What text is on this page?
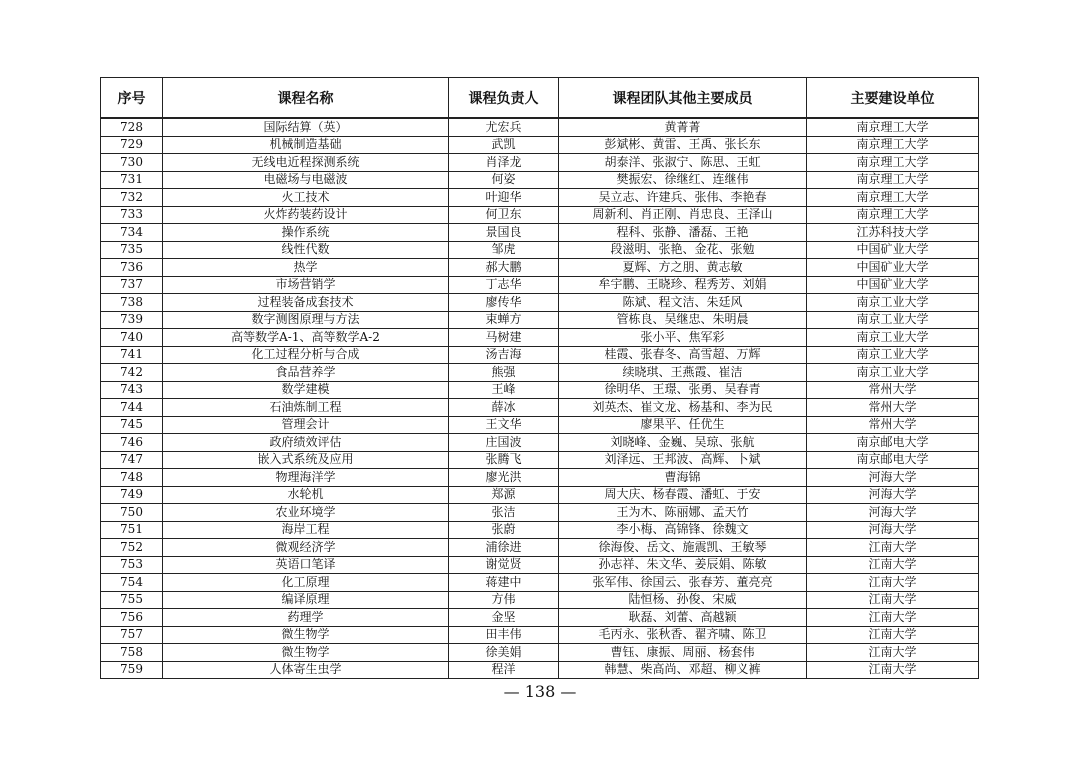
序号	课程名称	课程负责人	课程团队其他主要成员	主要建设单位
728	国际结算（英）	尤宏兵	黄菁菁	南京理工大学
729	机械制造基础	武凯	彭斌彬、黄雷、王禹、张长东	南京理工大学
730	无线电近程探测系统	肖泽龙	胡泰洋、张淑宁、陈思、王虹	南京理工大学
731	电磁场与电磁波	何姿	樊振宏、徐继红、连继伟	南京理工大学
732	火工技术	叶迎华	吴立志、许建兵、张伟、李艳春	南京理工大学
733	火炸药装药设计	何卫东	周新利、肖正刚、肖忠良、王泽山	南京理工大学
734	操作系统	景国良	程科、张静、潘磊、王艳	江苏科技大学
735	线性代数	邹虎	段滋明、张艳、金花、张勉	中国矿业大学
736	热学	郝大鹏	夏辉、方之朋、黄志敏	中国矿业大学
737	市场营销学	丁志华	牟宇鹏、王晓珍、程秀芳、刘娟	中国矿业大学
738	过程装备成套技术	廖传华	陈斌、程文洁、朱廷风	南京工业大学
739	数字测图原理与方法	束蝉方	管栋良、吴继忠、朱明晨	南京工业大学
740	高等数学A-1、高等数学A-2	马树建	张小平、焦军彩	南京工业大学
741	化工过程分析与合成	汤吉海	桂霞、张春冬、高雪超、万辉	南京工业大学
742	食品营养学	熊强	续晓琪、王燕霞、崔洁	南京工业大学
743	数学建模	王峰	徐明华、王璟、张勇、吴春青	常州大学
744	石油炼制工程	薛冰	刘英杰、崔文龙、杨基和、李为民	常州大学
745	管理会计	王文华	廖果平、任优生	常州大学
746	政府绩效评估	庄国波	刘晓峰、金巍、吴琼、张航	南京邮电大学
747	嵌入式系统及应用	张腾飞	刘泽远、王邦波、高辉、卜斌	南京邮电大学
748	物理海洋学	廖光洪	曹海锦	河海大学
749	水轮机	郑源	周大庆、杨春霞、潘虹、于安	河海大学
750	农业环境学	张洁	王为木、陈丽娜、孟天竹	河海大学
751	海岸工程	张蔚	李小梅、高锦锋、徐魏文	河海大学
752	微观经济学	浦徐进	徐海俊、岳文、施震凯、王敏琴	江南大学
753	英语口笔译	谢觉贤	孙志祥、朱文华、姜辰娟、陈敏	江南大学
754	化工原理	蒋建中	张军伟、徐国云、张春芳、董亮亮	江南大学
755	编译原理	方伟	陆恒杨、孙俊、宋威	江南大学
756	药理学	金坚	耿磊、刘蕾、高越颖	江南大学
757	微生物学	田丰伟	毛丙永、张秋香、翟齐啸、陈卫	江南大学
758	微生物学	徐美娟	曹钰、康振、周丽、杨套伟	江南大学
759	人体寄生虫学	程洋	韩慧、柴高尚、邓超、柳义裤	江南大学
— 138 —
